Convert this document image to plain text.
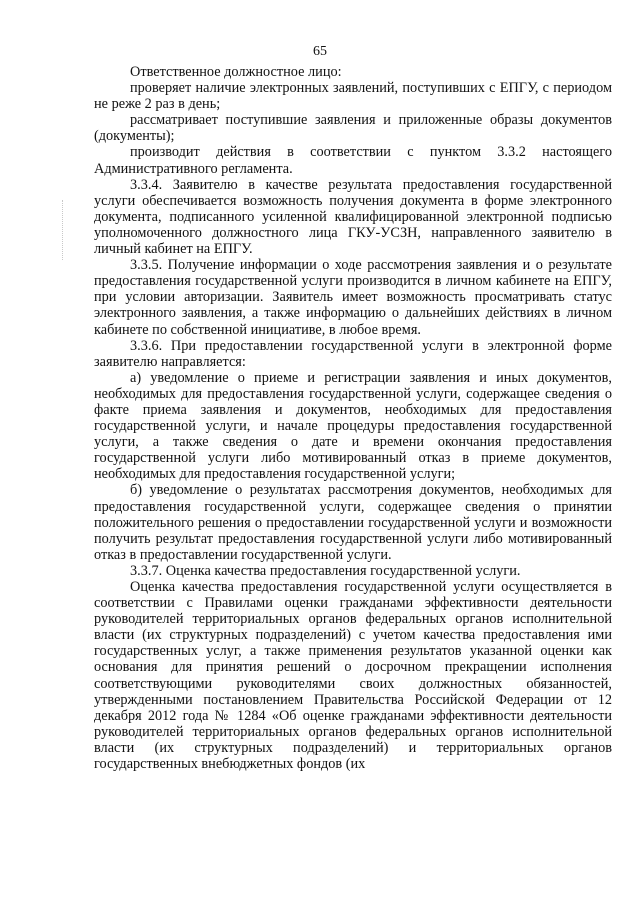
65

Ответственное должностное лицо:

проверяет наличие электронных заявлений, поступивших с ЕПГУ, с периодом не реже 2 раз в день;

рассматривает поступившие заявления и приложенные образы документов (документы);

производит действия в соответствии с пунктом 3.3.2 настоящего Административного регламента.

3.3.4. Заявителю в качестве результата предоставления государственной услуги обеспечивается возможность получения документа в форме электронного документа, подписанного усиленной квалифицированной электронной подписью уполномоченного должностного лица ГКУ-УСЗН, направленного заявителю в личный кабинет на ЕПГУ.

3.3.5. Получение информации о ходе рассмотрения заявления и о результате предоставления государственной услуги производится в личном кабинете на ЕПГУ, при условии авторизации. Заявитель имеет возможность просматривать статус электронного заявления, а также информацию о дальнейших действиях в личном кабинете по собственной инициативе, в любое время.

3.3.6. При предоставлении государственной услуги в электронной форме заявителю направляется:

а) уведомление о приеме и регистрации заявления и иных документов, необходимых для предоставления государственной услуги, содержащее сведения о факте приема заявления и документов, необходимых для предоставления государственной услуги, и начале процедуры предоставления государственной услуги, а также сведения о дате и времени окончания предоставления государственной услуги либо мотивированный отказ в приеме документов, необходимых для предоставления государственной услуги;

б) уведомление о результатах рассмотрения документов, необходимых для предоставления государственной услуги, содержащее сведения о принятии положительного решения о предоставлении государственной услуги и возможности получить результат предоставления государственной услуги либо мотивированный отказ в предоставлении государственной услуги.

3.3.7. Оценка качества предоставления государственной услуги.

Оценка качества предоставления государственной услуги осуществляется в соответствии с Правилами оценки гражданами эффективности деятельности руководителей территориальных органов федеральных органов исполнительной власти (их структурных подразделений) с учетом качества предоставления ими государственных услуг, а также применения результатов указанной оценки как основания для принятия решений о досрочном прекращении исполнения соответствующими руководителями своих должностных обязанностей, утвержденными постановлением Правительства Российской Федерации от 12 декабря 2012 года № 1284 «Об оценке гражданами эффективности деятельности руководителей территориальных органов федеральных органов исполнительной власти (их структурных подразделений) и территориальных органов государственных внебюджетных фондов (их
